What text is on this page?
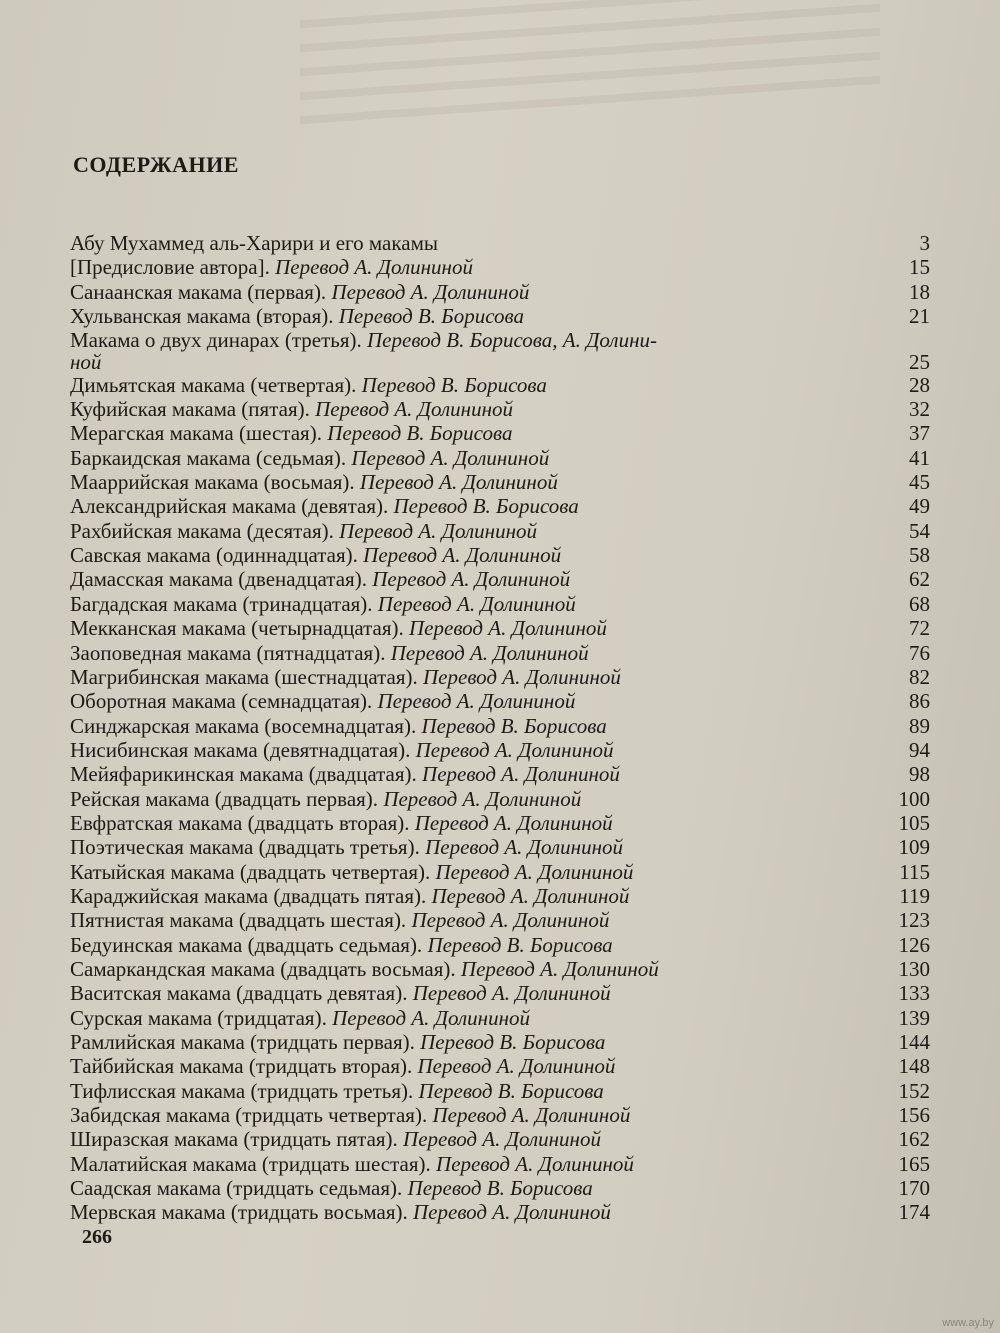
СОДЕРЖАНИЕ
Абу Мухаммед аль-Харири и его макамы	3
[Предисловие автора]. Перевод А. Долининой	15
Санаанская макама (первая). Перевод А. Долининой	18
Хульванская макама (вторая). Перевод В. Борисова	21
Макама о двух динарах (третья). Перевод В. Борисова, А. Долини-
ной	25
Димьятская макама (четвертая). Перевод В. Борисова	28
Куфийская макама (пятая). Перевод А. Долининой	32
Мерагская макама (шестая). Перевод В. Борисова	37
Баркаидская макама (седьмая). Перевод А. Долининой	41
Мааррийская макама (восьмая). Перевод А. Долининой	45
Александрийская макама (девятая). Перевод В. Борисова	49
Рахбийская макама (десятая). Перевод А. Долининой	54
Савская макама (одиннадцатая). Перевод А. Долининой	58
Дамасская макама (двенадцатая). Перевод А. Долининой	62
Багдадская макама (тринадцатая). Перевод А. Долининой	68
Мекканская макама (четырнадцатая). Перевод А. Долининой	72
Заоповедная макама (пятнадцатая). Перевод А. Долининой	76
Магрибинская макама (шестнадцатая). Перевод А. Долининой	82
Оборотная макама (семнадцатая). Перевод А. Долининой	86
Синджарская макама (восемнадцатая). Перевод В. Борисова	89
Нисибинская макама (девятнадцатая). Перевод А. Долининой	94
Мейяфарикинская макама (двадцатая). Перевод А. Долининой	98
Рейская макама (двадцать первая). Перевод А. Долининой	100
Евфратская макама (двадцать вторая). Перевод А. Долининой	105
Поэтическая макама (двадцать третья). Перевод А. Долининой	109
Катыйская макама (двадцать четвертая). Перевод А. Долининой	115
Караджийская макама (двадцать пятая). Перевод А. Долининой	119
Пятнистая макама (двадцать шестая). Перевод А. Долининой	123
Бедуинская макама (двадцать седьмая). Перевод В. Борисова	126
Самаркандская макама (двадцать восьмая). Перевод А. Долининой	130
Васитская макама (двадцать девятая). Перевод А. Долининой	133
Сурская макама (тридцатая). Перевод А. Долининой	139
Рамлийская макама (тридцать первая). Перевод В. Борисова	144
Тайбийская макама (тридцать вторая). Перевод А. Долининой	148
Тифлисская макама (тридцать третья). Перевод В. Борисова	152
Забидская макама (тридцать четвертая). Перевод А. Долининой	156
Ширазская макама (тридцать пятая). Перевод А. Долининой	162
Малатийская макама (тридцать шестая). Перевод А. Долининой	165
Саадская макама (тридцать седьмая). Перевод В. Борисова	170
Мервская макама (тридцать восьмая). Перевод А. Долининой	174
266
www.ay.by
